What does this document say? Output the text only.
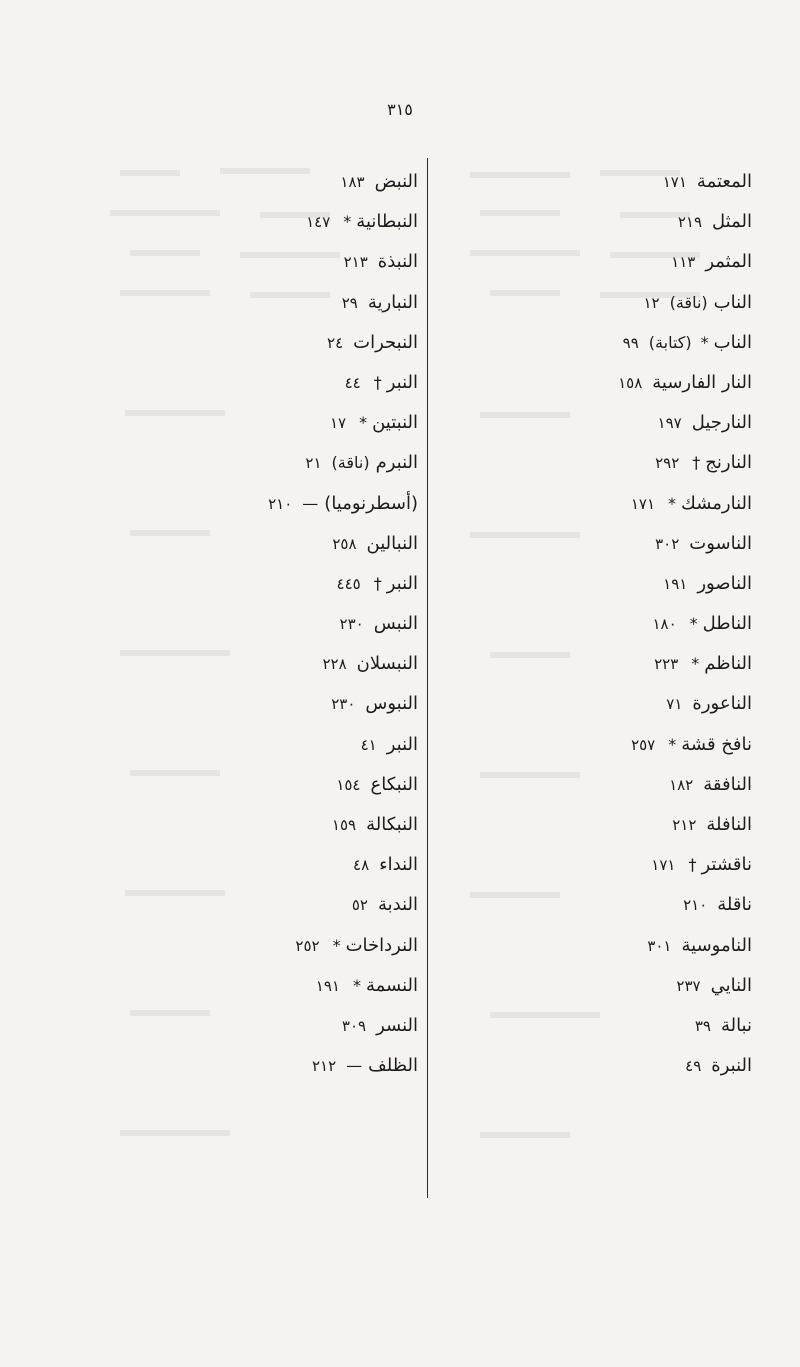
٣١٥
المعتمة
١٧١
المثل
٢١٩
المثمر
١١٣
الناب
(ناقة)
١٢
الناب
*
(كتابة)
٩٩
النار الفارسية
١٥٨
النارجيل
١٩٧
النارنج
†
٢٩٢
النارمشك
*
١٧١
الناسوت
٣٠٢
الناصور
١٩١
الناطل
*
١٨٠
الناظم
*
٢٢٣
الناعورة
٧١
نافخ قشة
*
٢٥٧
النافقة
١٨٢
النافلة
٢١٢
ناقشتر
†
١٧١
ناقلة
٢١٠
الناموسية
٣٠١
النايي
٢٣٧
نبالة
٣٩
النبرة
٤٩
النبض
١٨٣
النبطانية
*
١٤٧
النبذة
٢١٣
النبارية
٢٩
النبحرات
٢٤
النبر
†
٤٤
النبتين
*
١٧
النبرم
(ناقة)
٢١
(أسطرنوميا)
—
٢١٠
النبالين
٢٥٨
النبر
†
٤٤٥
النبس
٢٣٠
النبسلان
٢٢٨
النبوس
٢٣٠
النبر
٤١
النبكاع
١٥٤
النبكالة
١٥٩
النداء
٤٨
الندبة
٥٢
النرداخات
*
٢٥٢
النسمة
*
١٩١
النسر
٣٠٩
الظلف
—
٢١٢
